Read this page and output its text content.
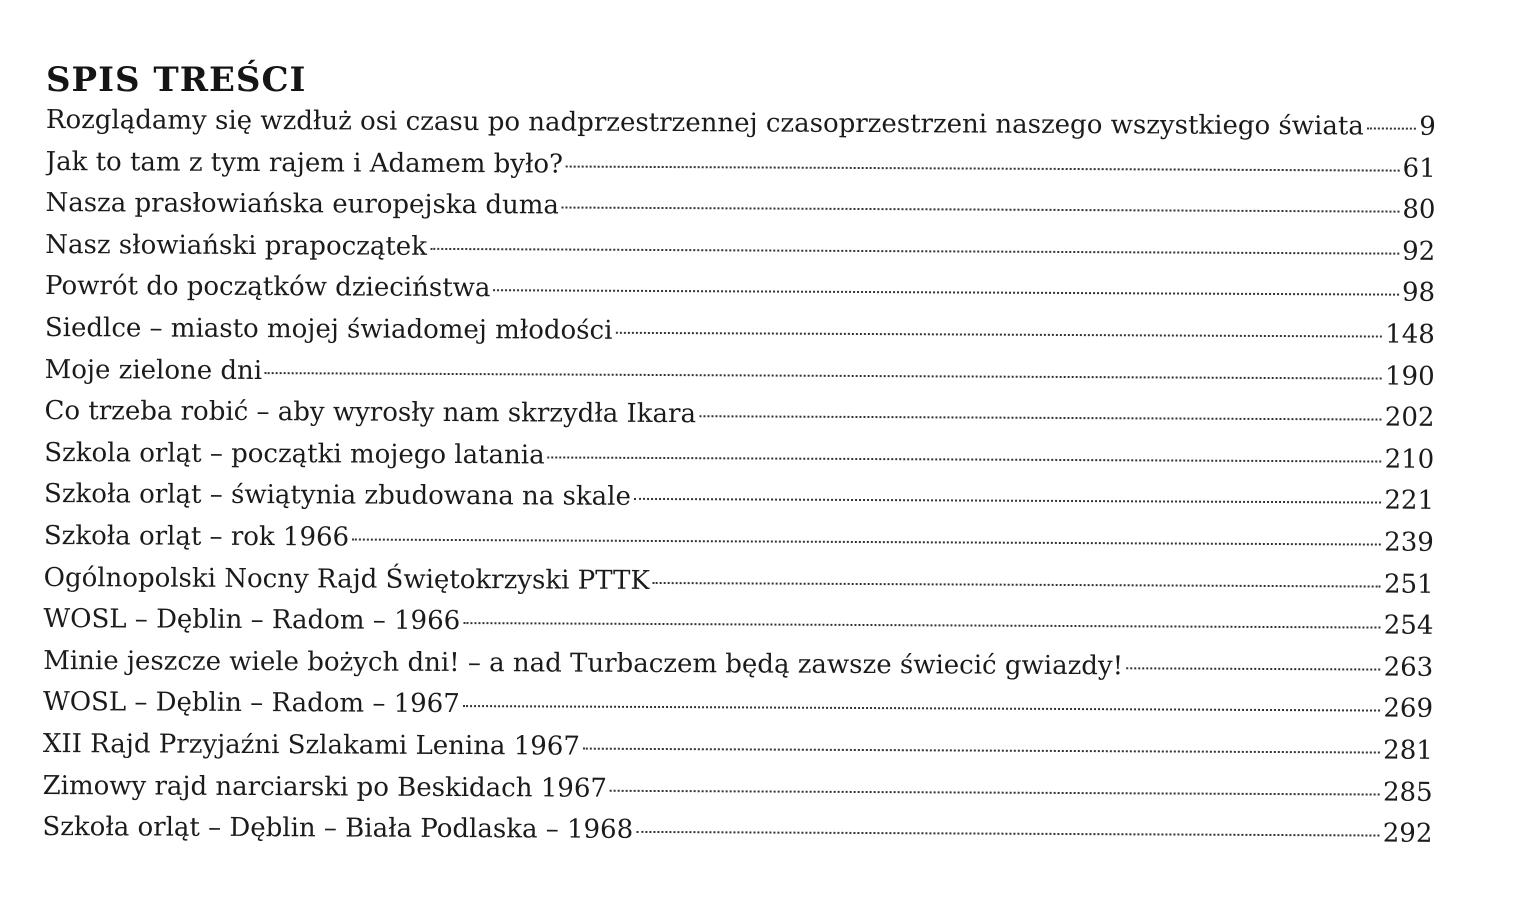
SPIS TREŚCI
Rozglądamy się wzdłuż osi czasu po nadprzestrzennej czasoprzestrzeni naszego wszystkiego świata 9
Jak to tam z tym rajem i Adamem było?	61
Nasza prasłowiańska europejska duma	80
Nasz słowiański prapoczątek	92
Powrót do początków dzieciństwa	98
Siedlce – miasto mojej świadomej młodości	148
Moje zielone dni	190
Co trzeba robić – aby wyrosły nam skrzydła Ikara	202
Szkola orląt – początki mojego latania	210
Szkoła orląt – świątynia zbudowana na skale	221
Szkoła orląt – rok 1966	239
Ogólnopolski Nocny Rajd Świętokrzyski PTTK	251
WOSL – Dęblin – Radom – 1966	254
Minie jeszcze wiele bożych dni! – a nad Turbaczem będą zawsze świecić gwiazdy!	263
WOSL – Dęblin – Radom – 1967	269
XII Rajd Przyjaźni Szlakami Lenina 1967	281
Zimowy rajd narciarski po Beskidach 1967	285
Szkoła orląt – Dęblin – Biała Podlaska – 1968	292
